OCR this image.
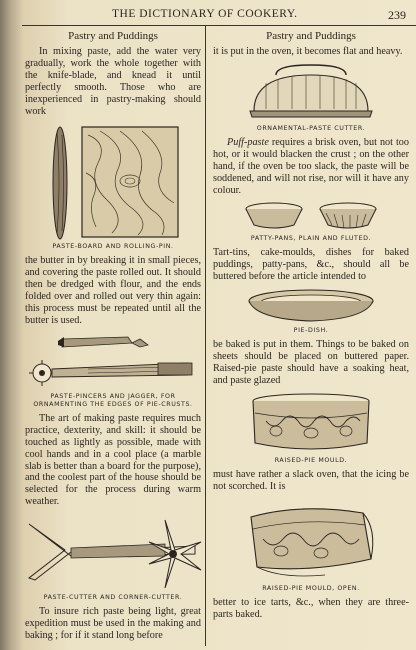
THE DICTIONARY OF COOKERY.	239
Pastry and Puddings

In mixing paste, add the water very gradually, work the whole together with the knife-blade, and knead it until perfectly smooth. Those who are inexperienced in pastry-making should work

PASTE-BOARD AND ROLLING-PIN.

the butter in by breaking it in small pieces, and covering the paste rolled out. It should then be dredged with flour, and the ends folded over and rolled out very thin again: this process must be repeated until all the butter is used.

PASTE-PINCERS AND JAGGER, FOR ORNAMENTING THE EDGES OF PIE-CRUSTS.

The art of making paste requires much practice, dexterity, and skill: it should be touched as lightly as possible, made with cool hands and in a cool place (a marble slab is better than a board for the purpose), and the coolest part of the house should be selected for the process during warm weather.

PASTE-CUTTER AND CORNER-CUTTER.

To insure rich paste being light, great expedition must be used in the making and baking ; for if it stand long before

Pastry and Puddings

it is put in the oven, it becomes flat and heavy.

ORNAMENTAL-PASTE CUTTER.

Puff-paste requires a brisk oven, but not too hot, or it would blacken the crust ; on the other hand, if the oven be too slack, the paste will be soddened, and will not rise, nor will it have any colour.

PATTY-PANS, PLAIN AND FLUTED.

Tart-tins, cake-moulds, dishes for baked puddings, patty-pans, &c., should all be buttered before the article intended to

PIE-DISH.

be baked is put in them. Things to be baked on sheets should be placed on buttered paper. Raised-pie paste should have a soaking heat, and paste glazed

RAISED-PIE MOULD.

must have rather a slack oven, that the icing be not scorched. It is

RAISED-PIE MOULD, OPEN.

better to ice tarts, &c., when they are three-parts baked.
